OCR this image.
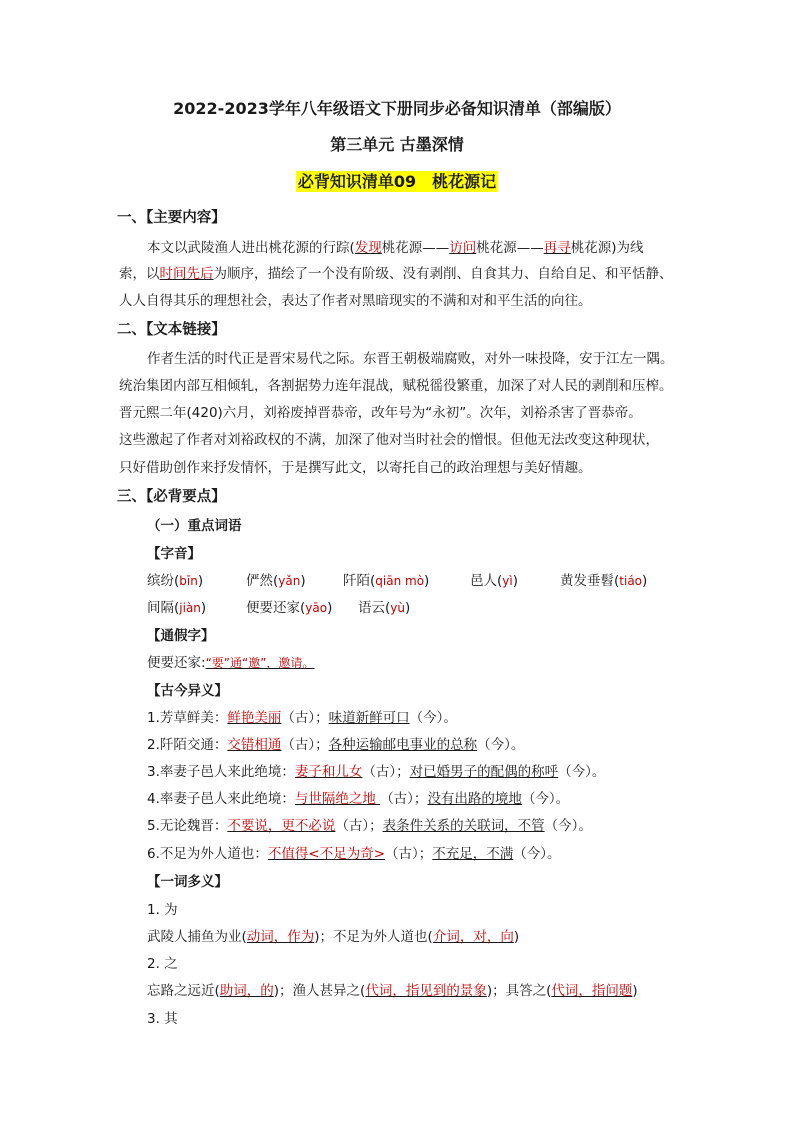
2022-2023学年八年级语文下册同步必备知识清单（部编版）
第三单元 古墨深情
必背知识清单09　桃花源记
一、【主要内容】
本文以武陵渔人进出桃花源的行踪(发现桃花源——访问桃花源——再寻桃花源)为线
索，以时间先后为顺序，描绘了一个没有阶级、没有剥削、自食其力、自给自足、和平恬静、
人人自得其乐的理想社会，表达了作者对黑暗现实的不满和对和平生活的向往。
二、【文本链接】
作者生活的时代正是晋宋易代之际。东晋王朝极端腐败，对外一味投降，安于江左一隅。
统治集团内部互相倾轧，各割据势力连年混战，赋税徭役繁重，加深了对人民的剥削和压榨。
晋元熙二年(420)六月，刘裕废掉晋恭帝，改年号为“永初”。次年，刘裕杀害了晋恭帝。
这些激起了作者对刘裕政权的不满，加深了他对当时社会的憎恨。但他无法改变这种现状，
只好借助创作来抒发情怀，于是撰写此文，以寄托自己的政治理想与美好情趣。
三、【必背要点】
（一）重点词语
【字音】
缤纷(bīn)	俨然(yǎn)	阡陌(qiān mò)	邑人(yì)	黄发垂髫(tiáo)
间隔(jiàn)	便要还家(yāo) 语云(yù)
【通假字】
便要还家:“要”通“邀”，邀请。
【古今异义】
1.芳草鲜美：鲜艳美丽（古）；味道新鲜可口（今）。
2.阡陌交通：交错相通（古）；各种运输邮电事业的总称（今）。
3.率妻子邑人来此绝境：妻子和儿女（古）；对已婚男子的配偶的称呼（今）。
4.率妻子邑人来此绝境：与世隔绝之地 （古）；没有出路的境地（今）。
5.无论魏晋：不要说，更不必说（古）；表条件关系的关联词，不管（今）。
6.不足为外人道也：不值得<不足为奇>（古）；不充足，不满（今）。
【一词多义】
1. 为
武陵人捕鱼为业(动词，作为)；不足为外人道也(介词，对，向)
2. 之
忘路之远近(助词，的)；渔人甚异之(代词，指见到的景象)；具答之(代词，指问题)
3. 其
